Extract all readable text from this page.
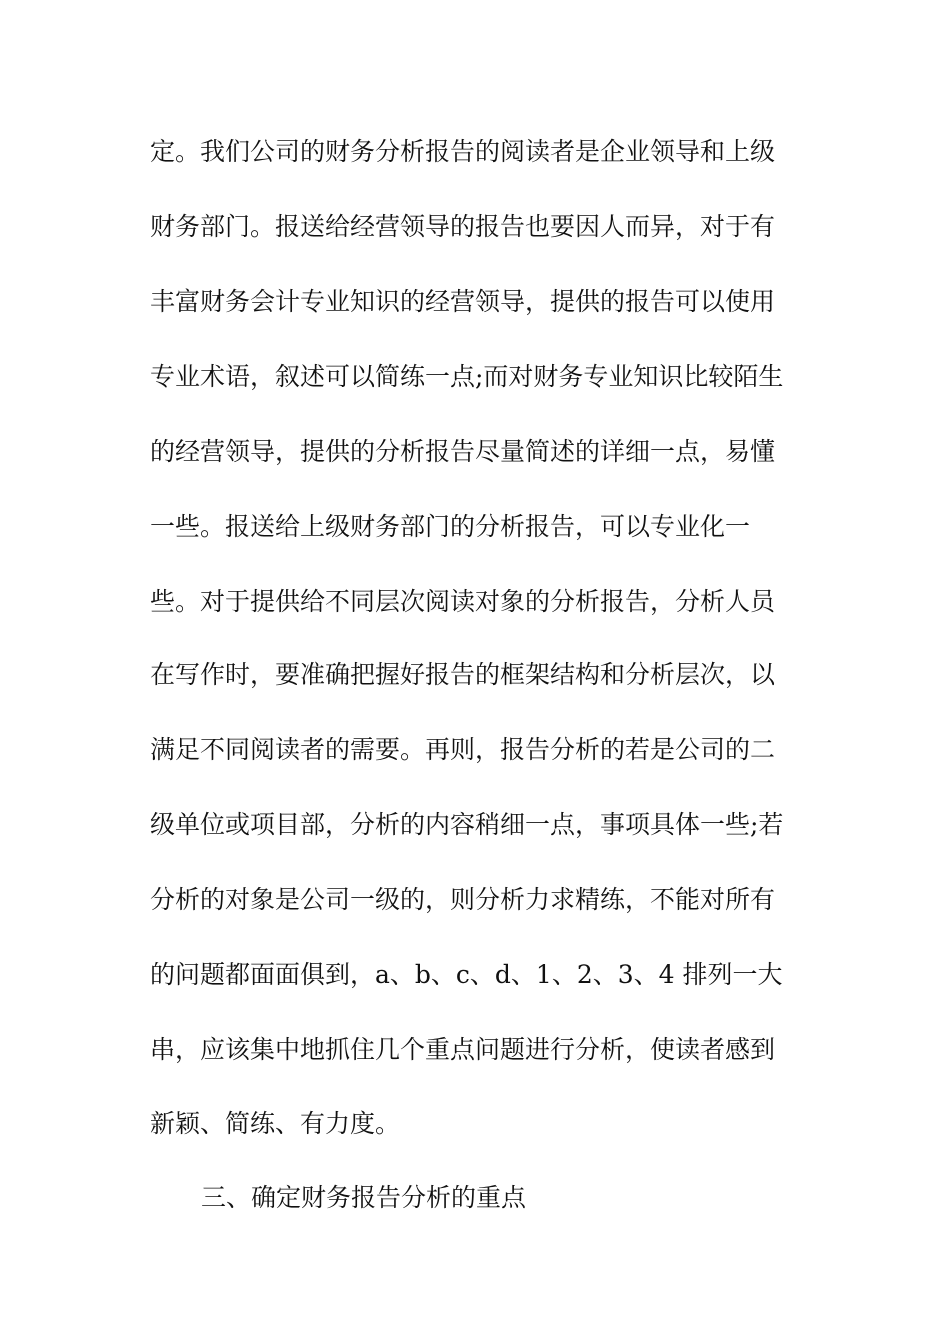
定。我们公司的财务分析报告的阅读者是企业领导和上级
财务部门。报送给经营领导的报告也要因人而异，对于有
丰富财务会计专业知识的经营领导，提供的报告可以使用
专业术语，叙述可以简练一点;而对财务专业知识比较陌生
的经营领导，提供的分析报告尽量简述的详细一点，易懂
一些。报送给上级财务部门的分析报告，可以专业化一
些。对于提供给不同层次阅读对象的分析报告，分析人员
在写作时，要准确把握好报告的框架结构和分析层次，以
满足不同阅读者的需要。再则，报告分析的若是公司的二
级单位或项目部，分析的内容稍细一点，事项具体一些;若
分析的对象是公司一级的，则分析力求精练，不能对所有
的问题都面面俱到，a、b、c、d、1、2、3、4 排列一大
串，应该集中地抓住几个重点问题进行分析，使读者感到
新颖、简练、有力度。
三、确定财务报告分析的重点
